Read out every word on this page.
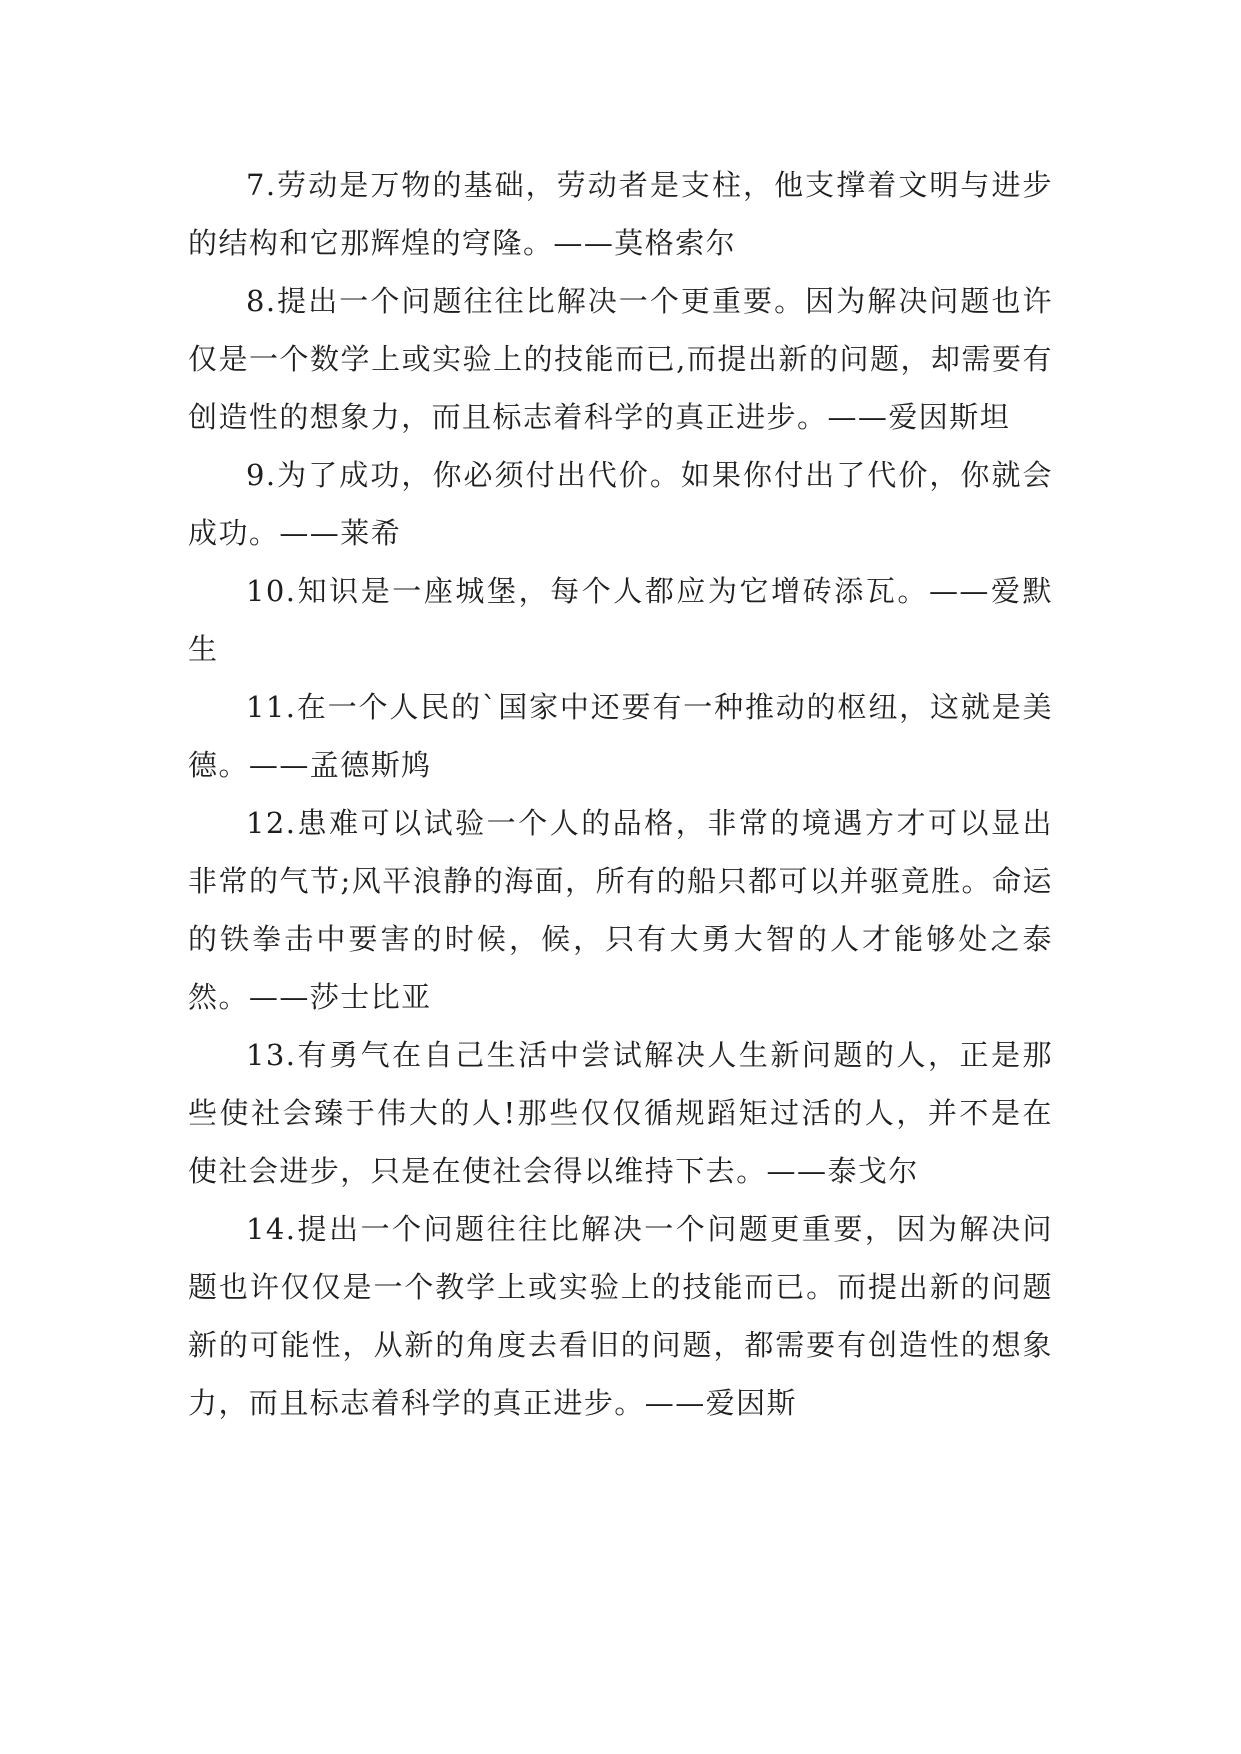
7.劳动是万物的基础，劳动者是支柱，他支撑着文明与进步的结构和它那辉煌的穹隆。——莫格索尔

8.提出一个问题往往比解决一个更重要。因为解决问题也许仅是一个数学上或实验上的技能而已,而提出新的问题，却需要有创造性的想象力，而且标志着科学的真正进步。——爱因斯坦

9.为了成功，你必须付出代价。如果你付出了代价，你就会成功。——莱希

10.知识是一座城堡，每个人都应为它增砖添瓦。——爱默生

11.在一个人民的`国家中还要有一种推动的枢纽，这就是美德。——孟德斯鸠

12.患难可以试验一个人的品格，非常的境遇方才可以显出非常的气节;风平浪静的海面，所有的船只都可以并驱竟胜。命运的铁拳击中要害的时候，候，只有大勇大智的人才能够处之泰然。——莎士比亚

13.有勇气在自己生活中尝试解决人生新问题的人，正是那些使社会臻于伟大的人!那些仅仅循规蹈矩过活的人，并不是在使社会进步，只是在使社会得以维持下去。——泰戈尔

14.提出一个问题往往比解决一个问题更重要，因为解决问题也许仅仅是一个教学上或实验上的技能而已。而提出新的问题新的可能性，从新的角度去看旧的问题，都需要有创造性的想象力，而且标志着科学的真正进步。——爱因斯
